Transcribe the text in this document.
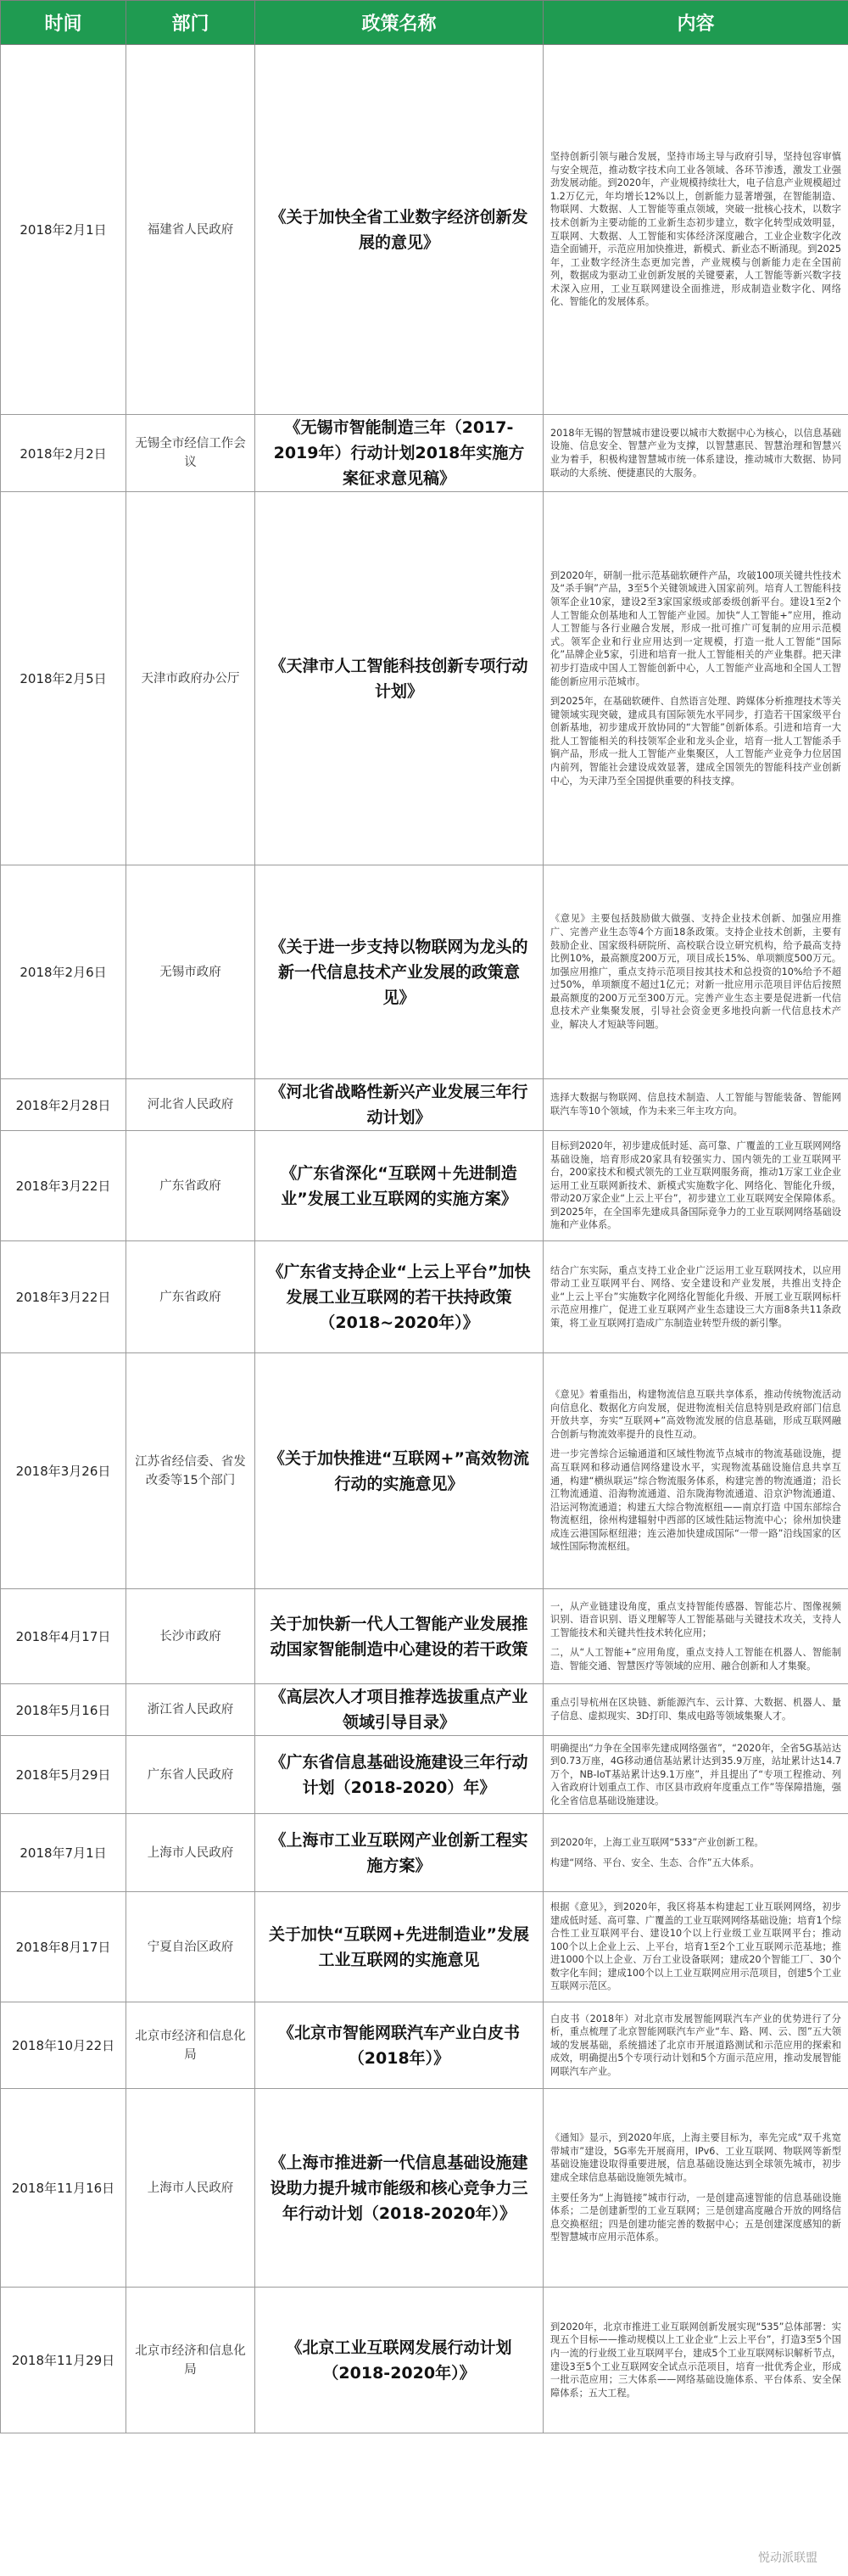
时间	部门	政策名称	内容
2018年2月1日	福建省人民政府	《关于加快全省工业数字经济创新发展的意见》	坚持创新引领与融合发展，坚持市场主导与政府引导，坚持包容审慎与安全规范，推动数字技术向工业各领域、各环节渗透，激发工业强劲发展动能。到2020年，产业规模持续壮大，电子信息产业规模超过1.2万亿元，年均增长12%以上，创新能力显著增强，在智能制造、物联网、大数据、人工智能等重点领域，突破一批核心技术，以数字技术创新为主要动能的工业新生态初步建立，数字化转型成效明显，互联网、大数据、人工智能和实体经济深度融合，工业企业数字化改造全面铺开，示范应用加快推进，新模式、新业态不断涌现。到2025年，工业数字经济生态更加完善，产业规模与创新能力走在全国前列，数据成为驱动工业创新发展的关键要素，人工智能等新兴数字技术深入应用，工业互联网建设全面推进，形成制造业数字化、网络化、智能化的发展体系。

2018年2月2日	无锡全市经信工作会议	《无锡市智能制造三年（2017-2019年）行动计划2018年实施方案征求意见稿》	2018年无锡的智慧城市建设要以城市大数据中心为核心，以信息基础设施、信息安全、智慧产业为支撑，以智慧惠民、智慧治理和智慧兴业为着手，积极构建智慧城市统一体系建设，推动城市大数据、协同联动的大系统、便捷惠民的大服务。

2018年2月5日	天津市政府办公厅	《天津市人工智能科技创新专项行动计划》	到2020年，研制一批示范基础软硬件产品，攻破100项关键共性技术及“杀手锏”产品，3至5个关键领域进入国家前列。培育人工智能科技领军企业10家，建设2至3家国家级或部委级创新平台。建设1至2个人工智能众创基地和人工智能产业园。加快“人工智能+”应用，推动人工智能与各行业融合发展，形成一批可推广可复制的应用示范模式。领军企业和行业应用达到一定规模，打造一批人工智能“国际化”品牌企业5家，引进和培育一批人工智能相关的产业集群。把天津初步打造成中国人工智能创新中心，人工智能产业高地和全国人工智能创新应用示范城市。

到2025年，在基础软硬件、自然语言处理、跨媒体分析推理技术等关键领域实现突破，建成具有国际领先水平同步，打造若干国家级平台创新基地，初步建成开放协同的“大智能”创新体系。引进和培育一大批人工智能相关的科技领军企业和龙头企业，培育一批人工智能杀手锏产品，形成一批人工智能产业集聚区，人工智能产业竞争力位居国内前列，智能社会建设成效显著，建成全国领先的智能科技产业创新中心，为天津乃至全国提供重要的科技支撑。

2018年2月6日	无锡市政府	《关于进一步支持以物联网为龙头的新一代信息技术产业发展的政策意见》	《意见》主要包括鼓励做大做强、支持企业技术创新、加强应用推广、完善产业生态等4个方面18条政策。支持企业技术创新，主要有鼓励企业、国家级科研院所、高校联合设立研究机构，给予最高支持比例10%，最高额度200万元，项目成长15%、单项额度500万元。加强应用推广，重点支持示范项目按其技术和总投资的10%给予不超过50%，单项额度不超过1亿元；对新一批应用示范项目评估后按照最高额度的200万元至300万元。完善产业生态主要是促进新一代信息技术产业集聚发展，引导社会资金更多地投向新一代信息技术产业，解决人才短缺等问题。

2018年2月28日	河北省人民政府	《河北省战略性新兴产业发展三年行动计划》	选择大数据与物联网、信息技术制造、人工智能与智能装备、智能网联汽车等10个领域，作为未来三年主攻方向。

2018年3月22日	广东省政府	《广东省深化“互联网＋先进制造业”发展工业互联网的实施方案》	目标到2020年，初步建成低时延、高可靠、广覆盖的工业互联网网络基础设施，培育形成20家具有较强实力、国内领先的工业互联网平台，200家技术和模式领先的工业互联网服务商，推动1万家工业企业运用工业互联网新技术、新模式实施数字化、网络化、智能化升级，带动20万家企业“上云上平台”，初步建立工业互联网安全保障体系。到2025年，在全国率先建成具备国际竞争力的工业互联网网络基础设施和产业体系。

2018年3月22日	广东省政府	《广东省支持企业“上云上平台”加快发展工业互联网的若干扶持政策（2018~2020年）》	结合广东实际，重点支持工业企业广泛运用工业互联网技术，以应用带动工业互联网平台、网络、安全建设和产业发展，共推出支持企业“上云上平台”实施数字化网络化智能化升级、开展工业互联网标杆示范应用推广，促进工业互联网产业生态建设三大方面8条共11条政策，将工业互联网打造成广东制造业转型升级的新引擎。

2018年3月26日	江苏省经信委、省发改委等15个部门	《关于加快推进“互联网+”高效物流行动的实施意见》	《意见》着重指出，构建物流信息互联共享体系，推动传统物流活动向信息化、数据化方向发展，促进物流相关信息特别是政府部门信息开放共享，夯实“互联网+”高效物流发展的信息基础，形成互联网融合创新与物流效率提升的良性互动。

进一步完善综合运输通道和区域性物流节点城市的物流基础设施，提高互联网和移动通信网络建设水平，实现物流基础设施信息共享互通，构建“横纵联运”综合物流服务体系，构建完善的物流通道；沿长江物流通道、沿海物流通道、沿东陇海物流通道、沿京沪物流通道、沿运河物流通道；构建五大综合物流枢纽——南京打造 中国东部综合物流枢纽，徐州构建辐射中西部的区域性陆运物流中心；徐州加快建成连云港国际枢纽港；连云港加快建成国际“一带一路”沿线国家的区域性国际物流枢纽。

2018年4月17日	长沙市政府	关于加快新一代人工智能产业发展推动国家智能制造中心建设的若干政策	一，从产业链建设角度，重点支持智能传感器、智能芯片、图像视频识别、语音识别、语义理解等人工智能基础与关键技术攻关，支持人工智能技术和关键共性技术转化应用；

二，从“人工智能+”应用角度，重点支持人工智能在机器人、智能制造、智能交通、智慧医疗等领域的应用、融合创新和人才集聚。

2018年5月16日	浙江省人民政府	《高层次人才项目推荐选拔重点产业领域引导目录》	重点引导杭州在区块链、新能源汽车、云计算、大数据、机器人、量子信息、虚拟现实、3D打印、集成电路等领域集聚人才。

2018年5月29日	广东省人民政府	《广东省信息基础设施建设三年行动计划（2018-2020）年》	明确提出“力争在全国率先建成网络强省”，“2020年，全省5G基站达到0.73万座，4G移动通信基站累计达到35.9万座，站址累计达14.7万个，NB-IoT基站累计达9.1万座”，并且提出了“专项工程推动、列入省政府计划重点工作、市区县市政府年度重点工作”等保障措施，强化全省信息基础设施建设。

2018年7月1日	上海市人民政府	《上海市工业互联网产业创新工程实施方案》	到2020年，上海工业互联网“533”产业创新工程。

构建“网络、平台、安全、生态、合作”五大体系。

2018年8月17日	宁夏自治区政府	关于加快“互联网+先进制造业”发展工业互联网的实施意见	根据《意见》，到2020年，我区将基本构建起工业互联网网络，初步建成低时延、高可靠、广覆盖的工业互联网网络基础设施；培育1个综合性工业互联网平台、建设10个以上行业级工业互联网平台；推动100个以上企业上云、上平台，培育1至2个工业互联网示范基地；推进1000个以上企业、万台工业设备联网；建成20个智能工厂、30个数字化车间；建成100个以上工业互联网应用示范项目，创建5个工业互联网示范区。

2018年10月22日	北京市经济和信息化局	《北京市智能网联汽车产业白皮书（2018年）》	白皮书（2018年）对北京市发展智能网联汽车产业的优势进行了分析，重点梳理了北京智能网联汽车产业“车、路、网、云、图”五大领域的发展基础，系统描述了北京市开展道路测试和示范应用的探索和成效，明确提出5个专项行动计划和5个方面示范应用，推动发展智能网联汽车产业。

2018年11月16日	上海市人民政府	《上海市推进新一代信息基础设施建设助力提升城市能级和核心竞争力三年行动计划（2018-2020年）》	《通知》显示，到2020年底，上海主要目标为，率先完成“双千兆宽带城市”建设，5G率先开展商用，IPv6、工业互联网、物联网等新型基础设施建设取得重要进展，信息基础设施达到全球领先城市，初步建成全球信息基础设施领先城市。

主要任务为“上海链接”城市行动，一是创建高速智能的信息基础设施体系；二是创建新型的工业互联网；三是创建高度融合开放的网络信息交换枢纽；四是创建功能完善的数据中心；五是创建深度感知的新型智慧城市应用示范体系。

2018年11月29日	北京市经济和信息化局	《北京工业互联网发展行动计划（2018-2020年）》	到2020年，北京市推进工业互联网创新发展实现“535”总体部署：实现五个目标——推动规模以上工业企业“上云上平台”，打造3至5个国内一流的行业级工业互联网平台，建成5个工业互联网标识解析节点，建设3至5个工业互联网安全试点示范项目，培育一批优秀企业，形成一批示范应用；三大体系——网络基础设施体系、平台体系、安全保障体系；五大工程。

悦动派联盟
